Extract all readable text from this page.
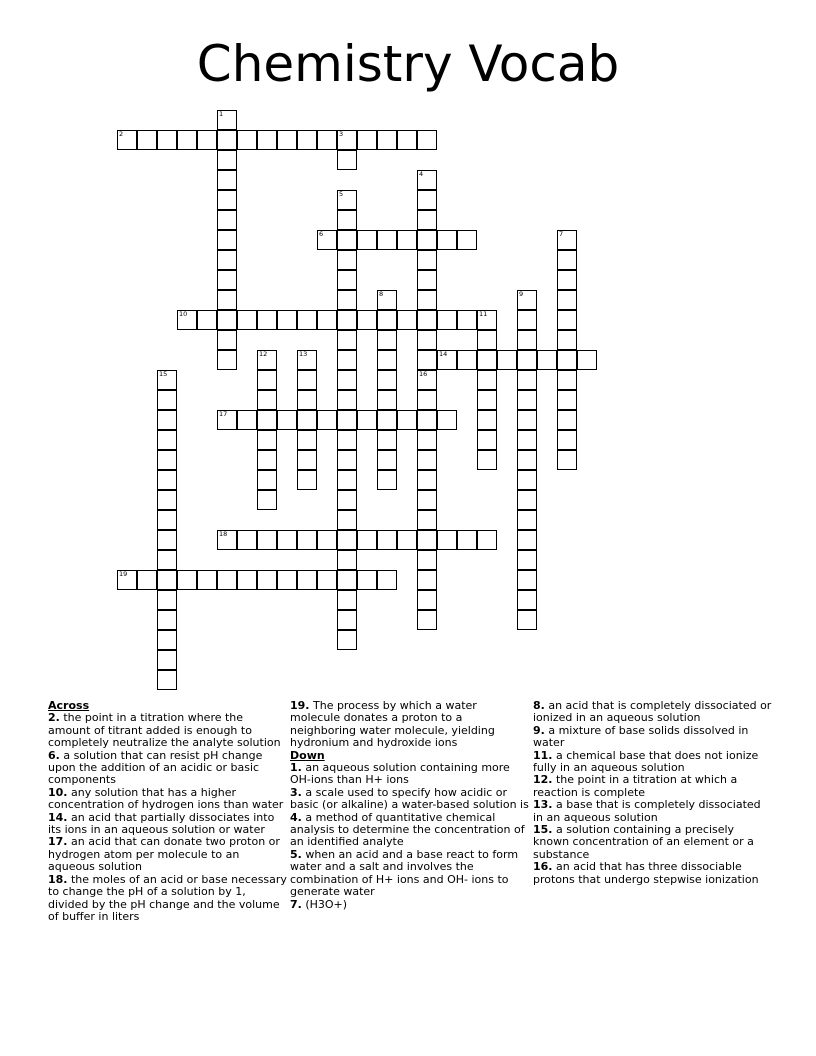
Chemistry Vocab
1
2	3
4
5
6	7
8	9
10	11
12	13	14
15	16
17
18
19
Across
2. the point in a titration where the amount of titrant added is enough to completely neutralize the analyte solution
6. a solution that can resist pH change upon the addition of an acidic or basic components
10. any solution that has a higher concentration of hydrogen ions than water
14. an acid that partially dissociates into its ions in an aqueous solution or water
17. an acid that can donate two proton or hydrogen atom per molecule to an aqueous solution
18. the moles of an acid or base necessary to change the pH of a solution by 1, divided by the pH change and the volume of buffer in liters
19. The process by which a water molecule donates a proton to a neighboring water molecule, yielding hydronium and hydroxide ions
Down
1. an aqueous solution containing more OH-ions than H+ ions
3. a scale used to specify how acidic or basic (or alkaline) a water-based solution is
4. a method of quantitative chemical analysis to determine the concentration of an identified analyte
5. when an acid and a base react to form water and a salt and involves the combination of H+ ions and OH- ions to generate water
7. (H3O+)
8. an acid that is completely dissociated or ionized in an aqueous solution
9. a mixture of base solids dissolved in water
11. a chemical base that does not ionize fully in an aqueous solution
12. the point in a titration at which a reaction is complete
13. a base that is completely dissociated in an aqueous solution
15. a solution containing a precisely known concentration of an element or a substance
16. an acid that has three dissociable protons that undergo stepwise ionization
